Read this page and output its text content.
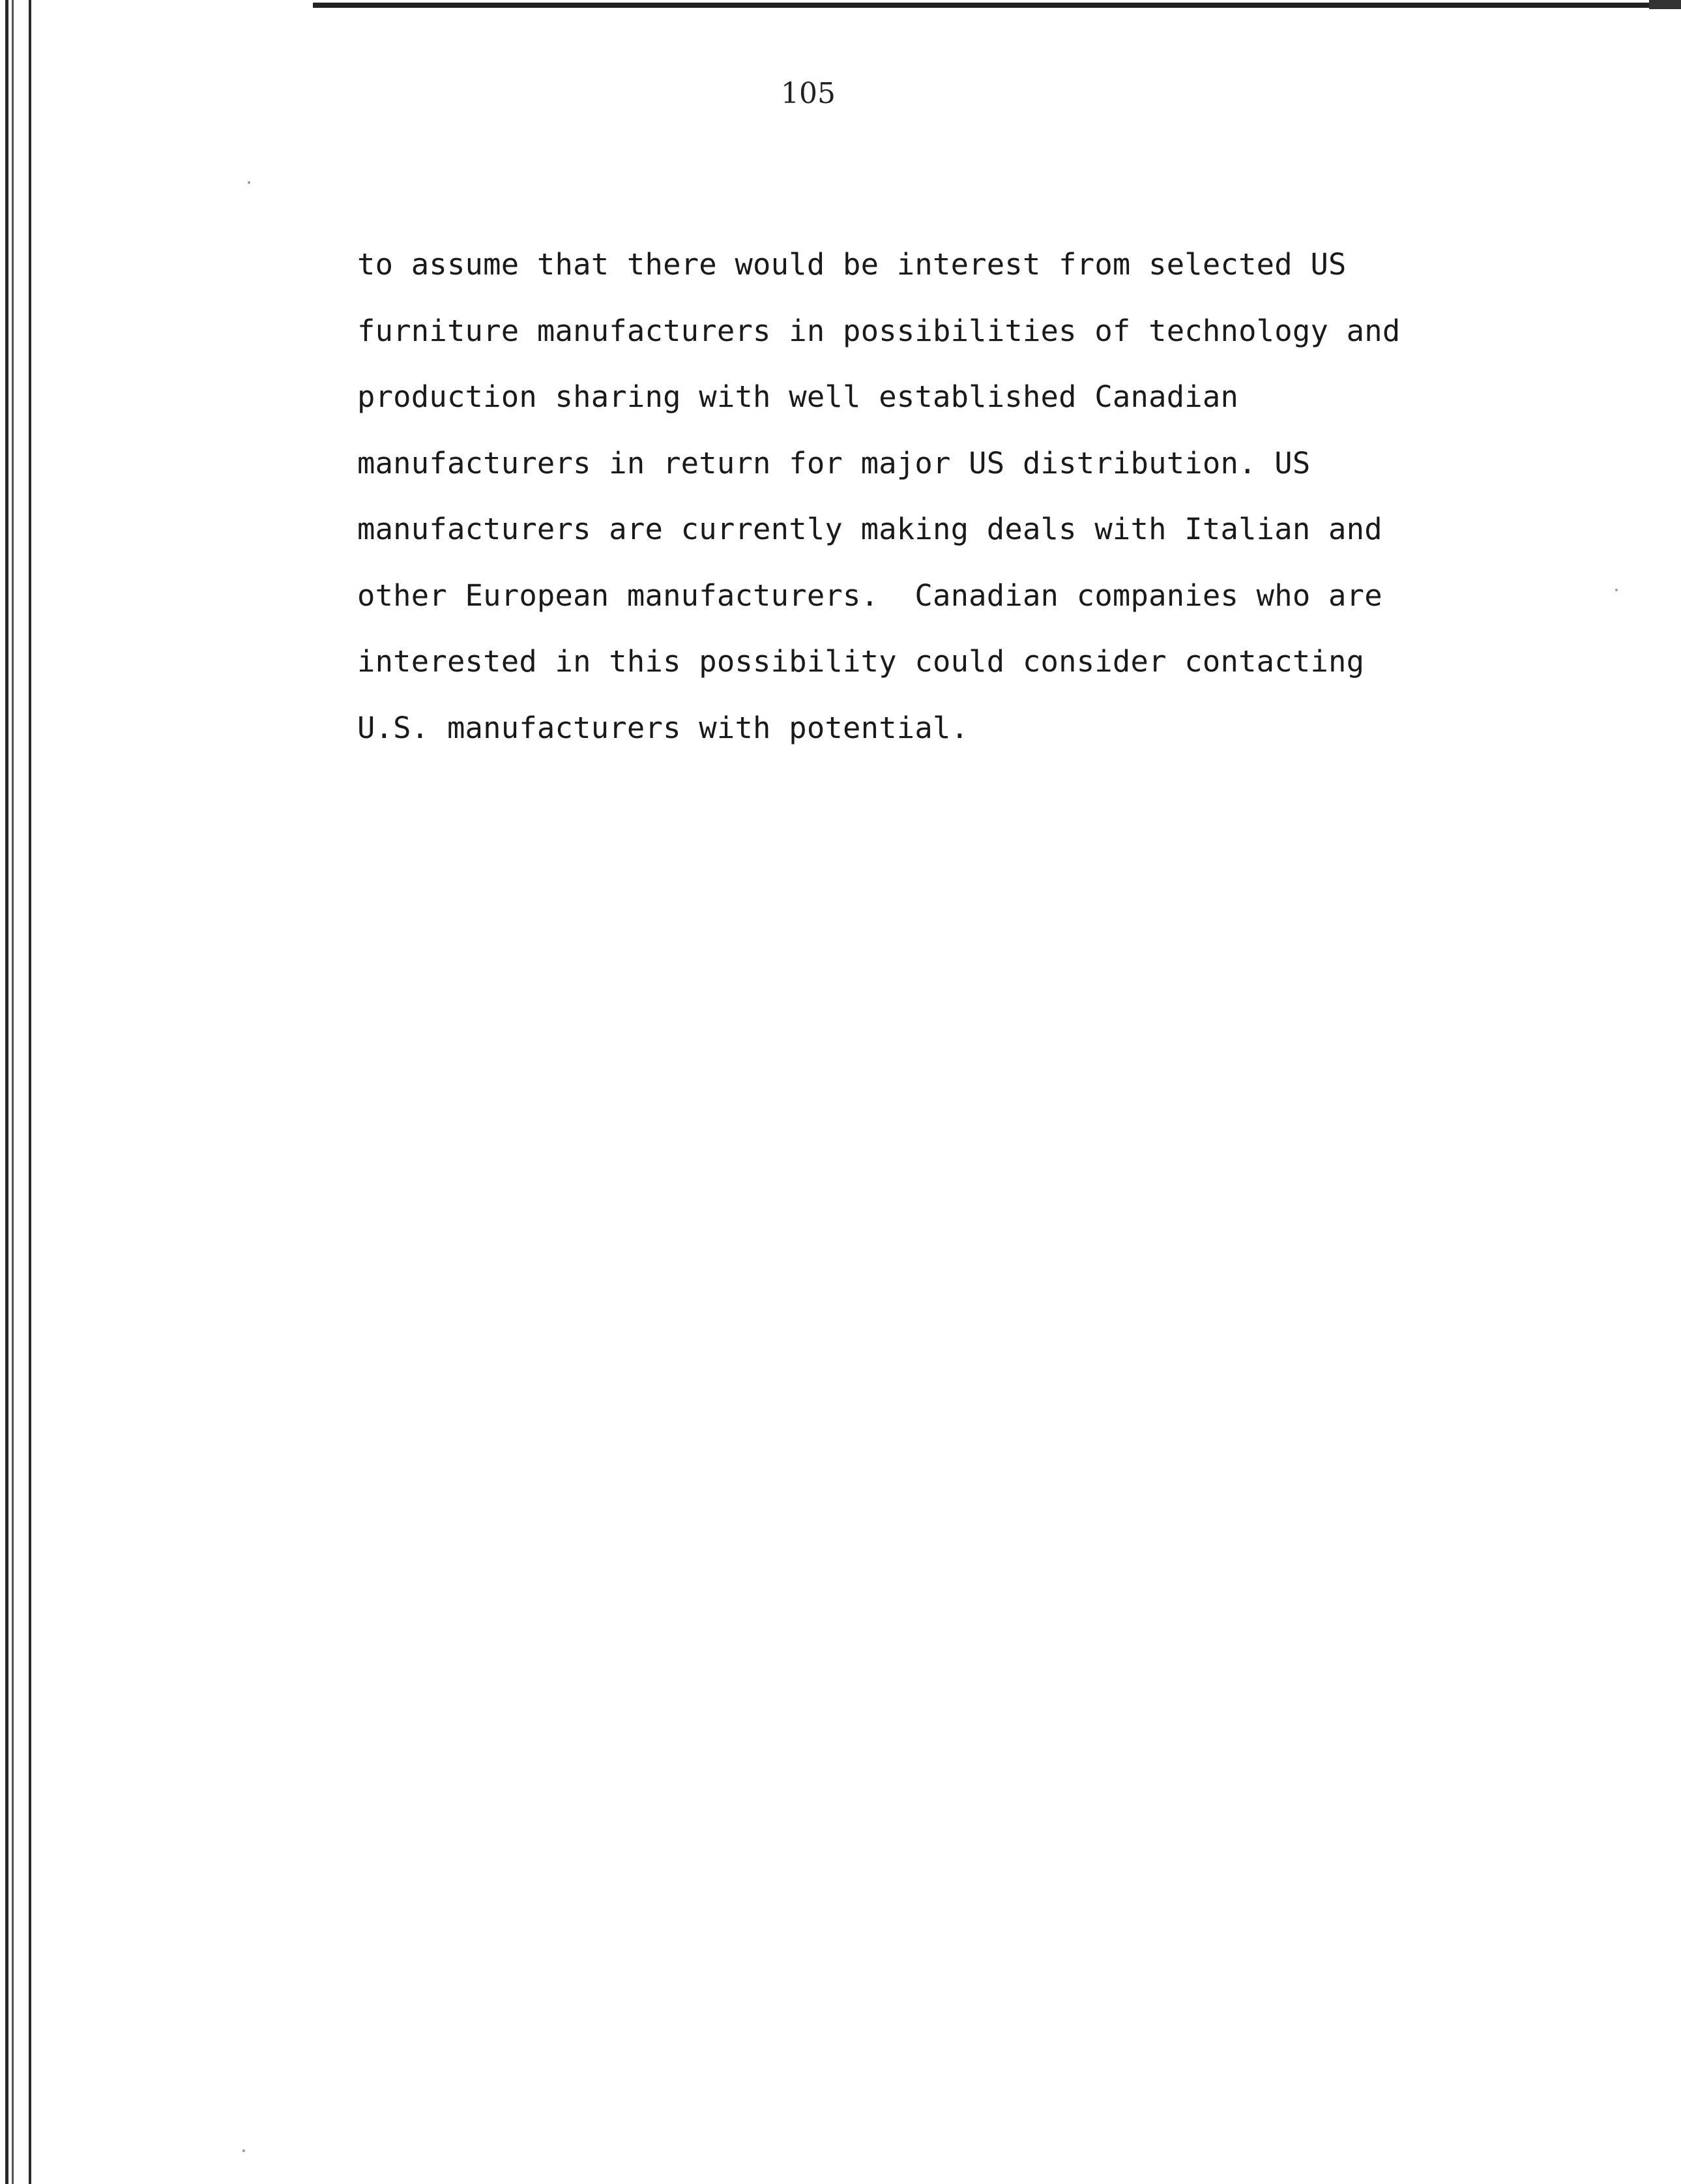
105
to assume that there would be interest from selected US
furniture manufacturers in possibilities of technology and
production sharing with well established Canadian
manufacturers in return for major US distribution. US
manufacturers are currently making deals with Italian and
other European manufacturers.  Canadian companies who are
interested in this possibility could consider contacting
U.S. manufacturers with potential.
